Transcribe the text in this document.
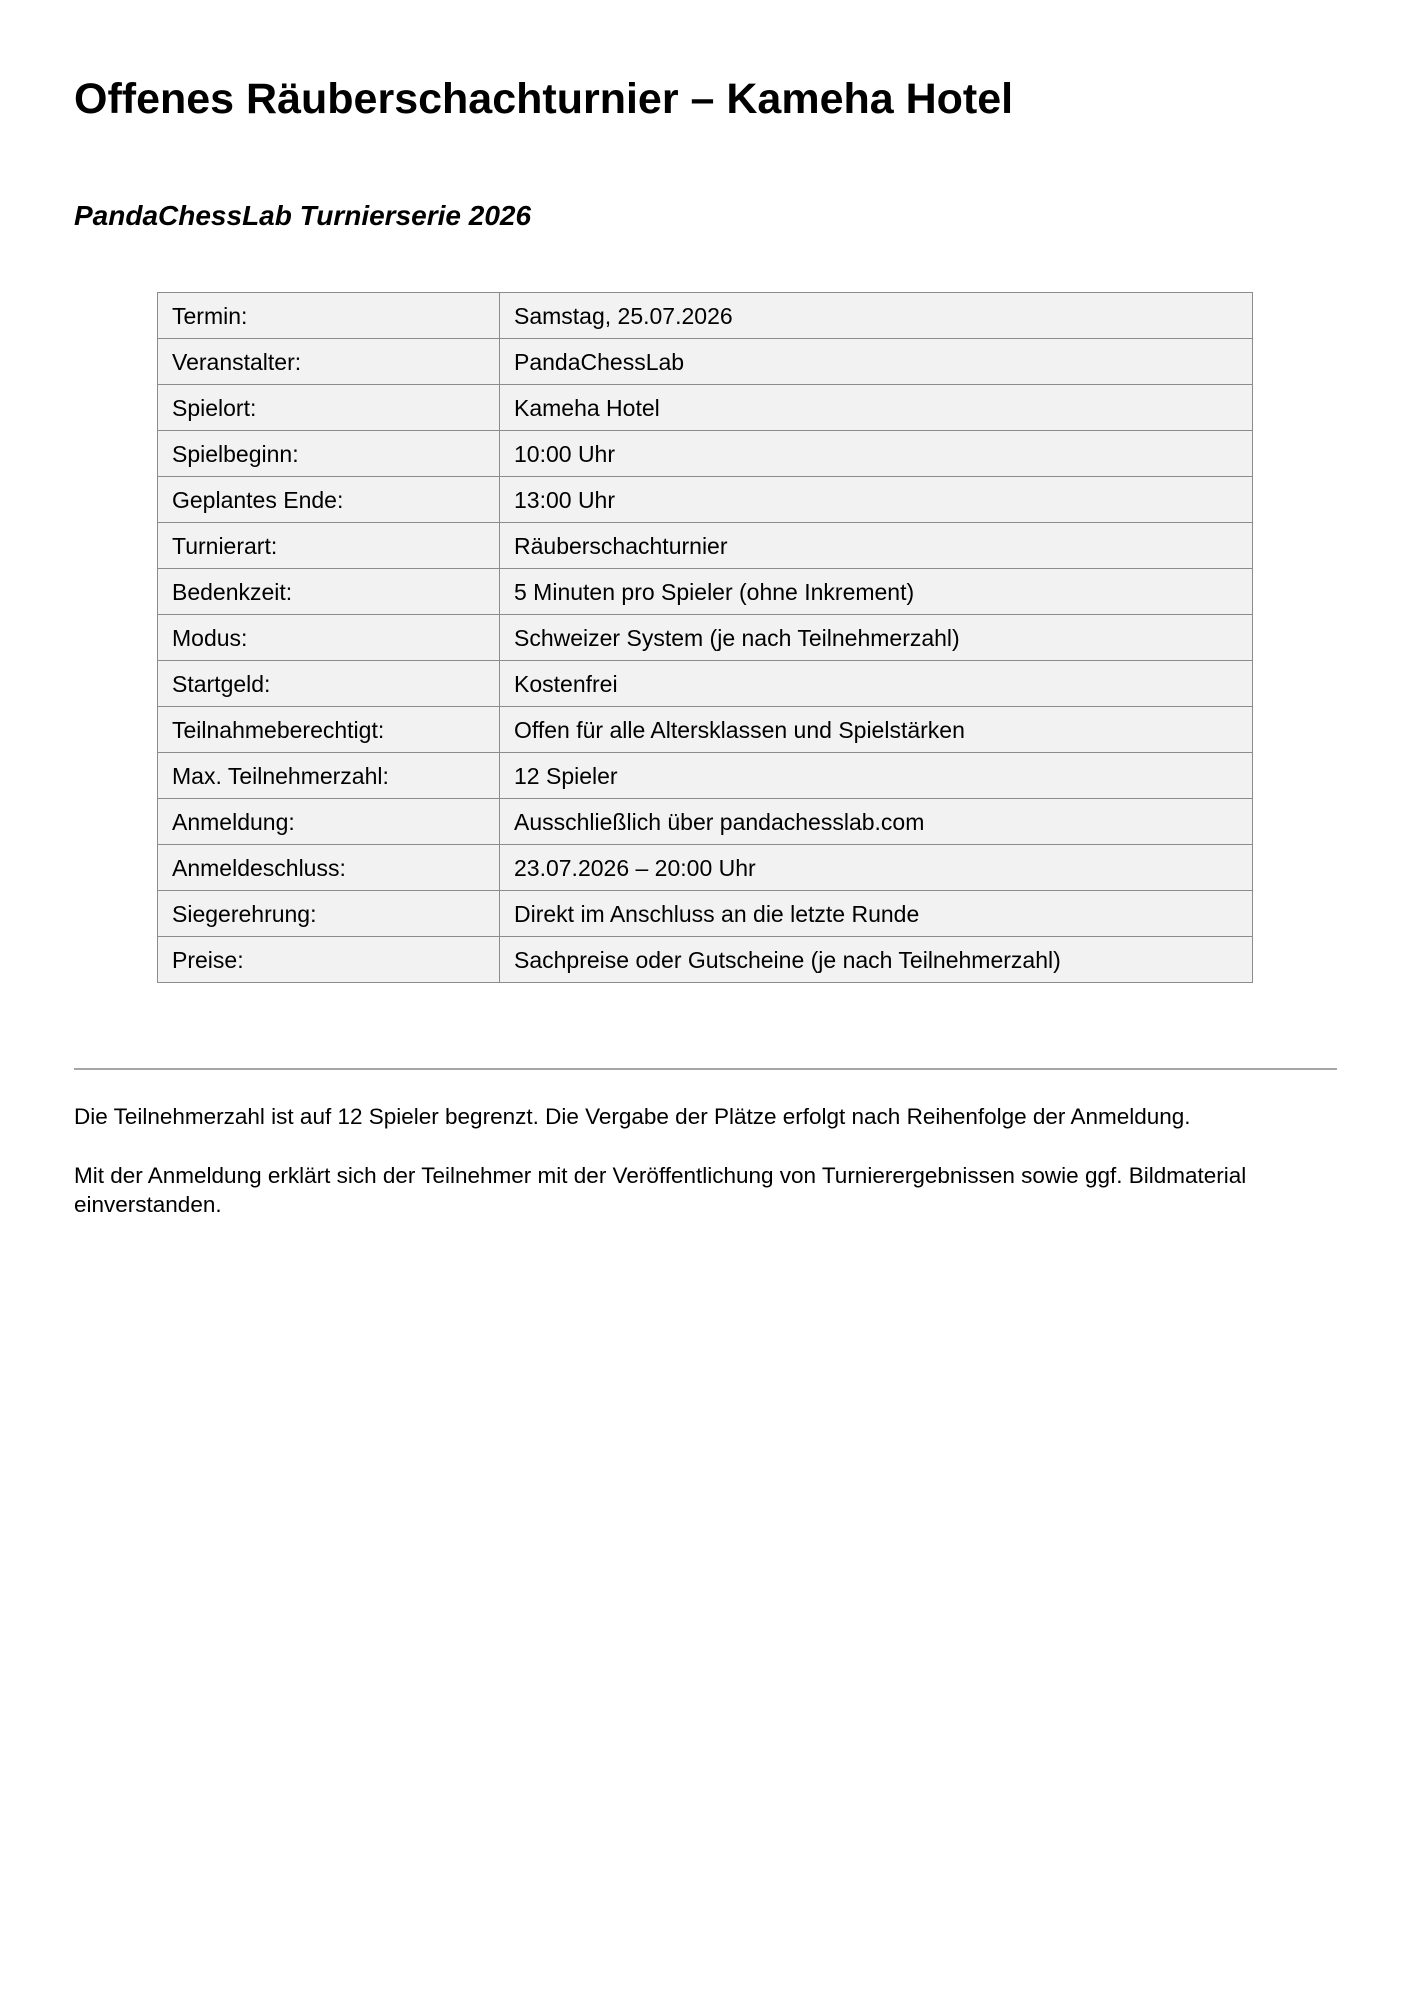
Offenes Räuberschachturnier – Kameha Hotel
PandaChessLab Turnierserie 2026
Termin:	Samstag, 25.07.2026
Veranstalter:	PandaChessLab
Spielort:	Kameha Hotel
Spielbeginn:	10:00 Uhr
Geplantes Ende:	13:00 Uhr
Turnierart:	Räuberschachturnier
Bedenkzeit:	5 Minuten pro Spieler (ohne Inkrement)
Modus:	Schweizer System (je nach Teilnehmerzahl)
Startgeld:	Kostenfrei
Teilnahmeberechtigt:	Offen für alle Altersklassen und Spielstärken
Max. Teilnehmerzahl:	12 Spieler
Anmeldung:	Ausschließlich über pandachesslab.com
Anmeldeschluss:	23.07.2026 – 20:00 Uhr
Siegerehrung:	Direkt im Anschluss an die letzte Runde
Preise:	Sachpreise oder Gutscheine (je nach Teilnehmerzahl)

Die Teilnehmerzahl ist auf 12 Spieler begrenzt. Die Vergabe der Plätze erfolgt nach Reihenfolge der Anmeldung.

Mit der Anmeldung erklärt sich der Teilnehmer mit der Veröffentlichung von Turnierergebnissen sowie ggf. Bildmaterial einverstanden.
